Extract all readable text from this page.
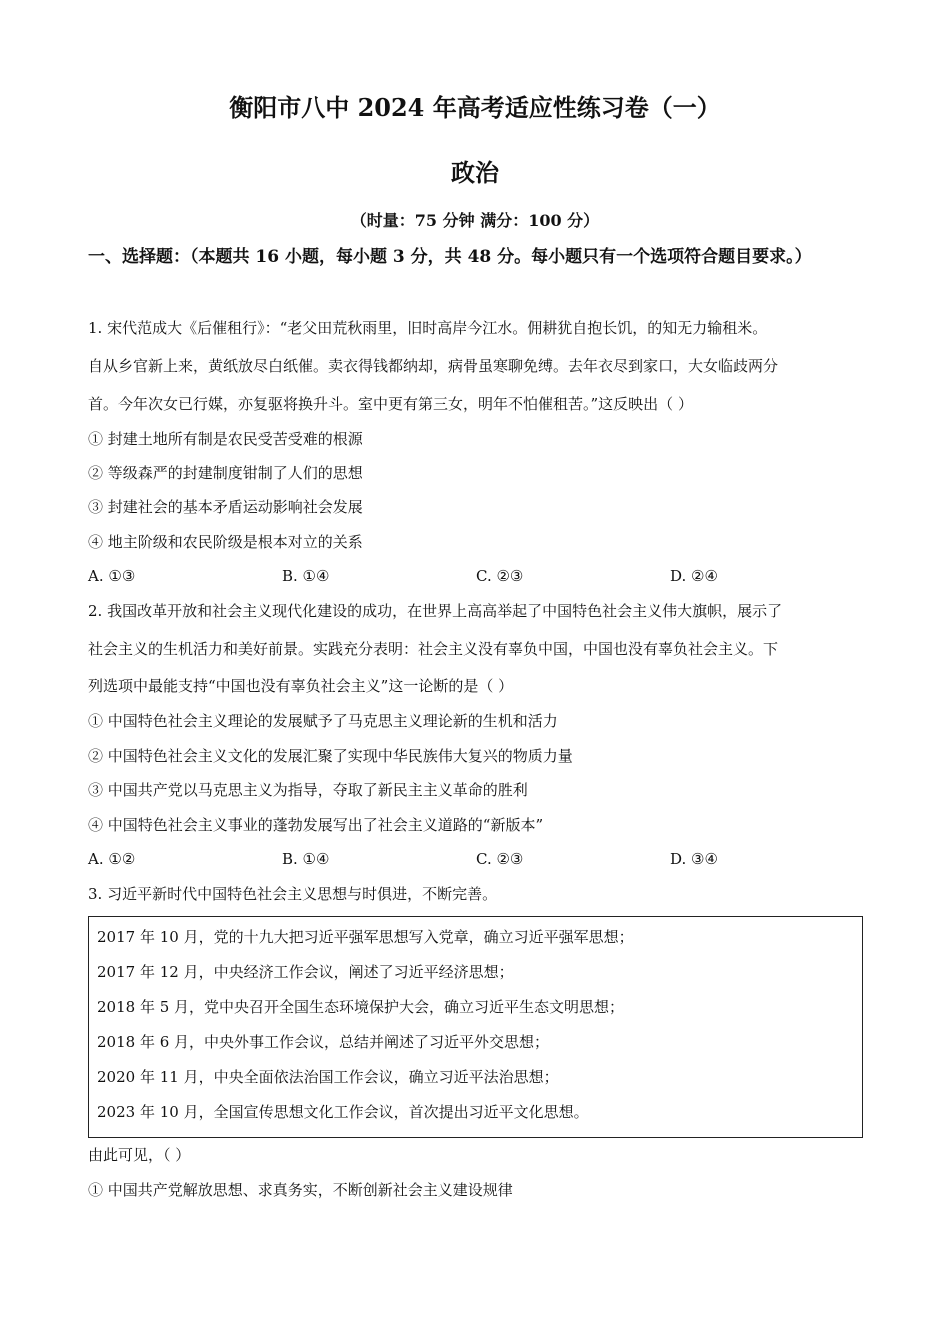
衡阳市八中 2024 年高考适应性练习卷（一）
政治
（时量：75 分钟 满分：100 分）
一、选择题：（本题共 16 小题，每小题 3 分，共 48 分。每小题只有一个选项符合题目要求。）
1. 宋代范成大《后催租行》：“老父田荒秋雨里，旧时高岸今江水。佣耕犹自抱长饥，的知无力输租米。
自从乡官新上来，黄纸放尽白纸催。卖衣得钱都纳却，病骨虽寒聊免缚。去年衣尽到家口，大女临歧两分
首。今年次女已行媒，亦复驱将换升斗。室中更有第三女，明年不怕催租苦。”这反映出（ ）
① 封建土地所有制是农民受苦受难的根源
② 等级森严的封建制度钳制了人们的思想
③ 封建社会的基本矛盾运动影响社会发展
④ 地主阶级和农民阶级是根本对立的关系
A. ①③	B. ①④	C. ②③	D. ②④
2. 我国改革开放和社会主义现代化建设的成功，在世界上高高举起了中国特色社会主义伟大旗帜，展示了
社会主义的生机活力和美好前景。实践充分表明：社会主义没有辜负中国，中国也没有辜负社会主义。下
列选项中最能支持“中国也没有辜负社会主义”这一论断的是（ ）
① 中国特色社会主义理论的发展赋予了马克思主义理论新的生机和活力
② 中国特色社会主义文化的发展汇聚了实现中华民族伟大复兴的物质力量
③ 中国共产党以马克思主义为指导，夺取了新民主主义革命的胜利
④ 中国特色社会主义事业的蓬勃发展写出了社会主义道路的“新版本”
A. ①②	B. ①④	C. ②③	D. ③④
3. 习近平新时代中国特色社会主义思想与时俱进，不断完善。
2017 年 10 月，党的十九大把习近平强军思想写入党章，确立习近平强军思想；
2017 年 12 月，中央经济工作会议，阐述了习近平经济思想；
2018 年 5 月，党中央召开全国生态环境保护大会，确立习近平生态文明思想；
2018 年 6 月，中央外事工作会议，总结并阐述了习近平外交思想；
2020 年 11 月，中央全面依法治国工作会议，确立习近平法治思想；
2023 年 10 月，全国宣传思想文化工作会议，首次提出习近平文化思想。
由此可见，（ ）
① 中国共产党解放思想、求真务实，不断创新社会主义建设规律
